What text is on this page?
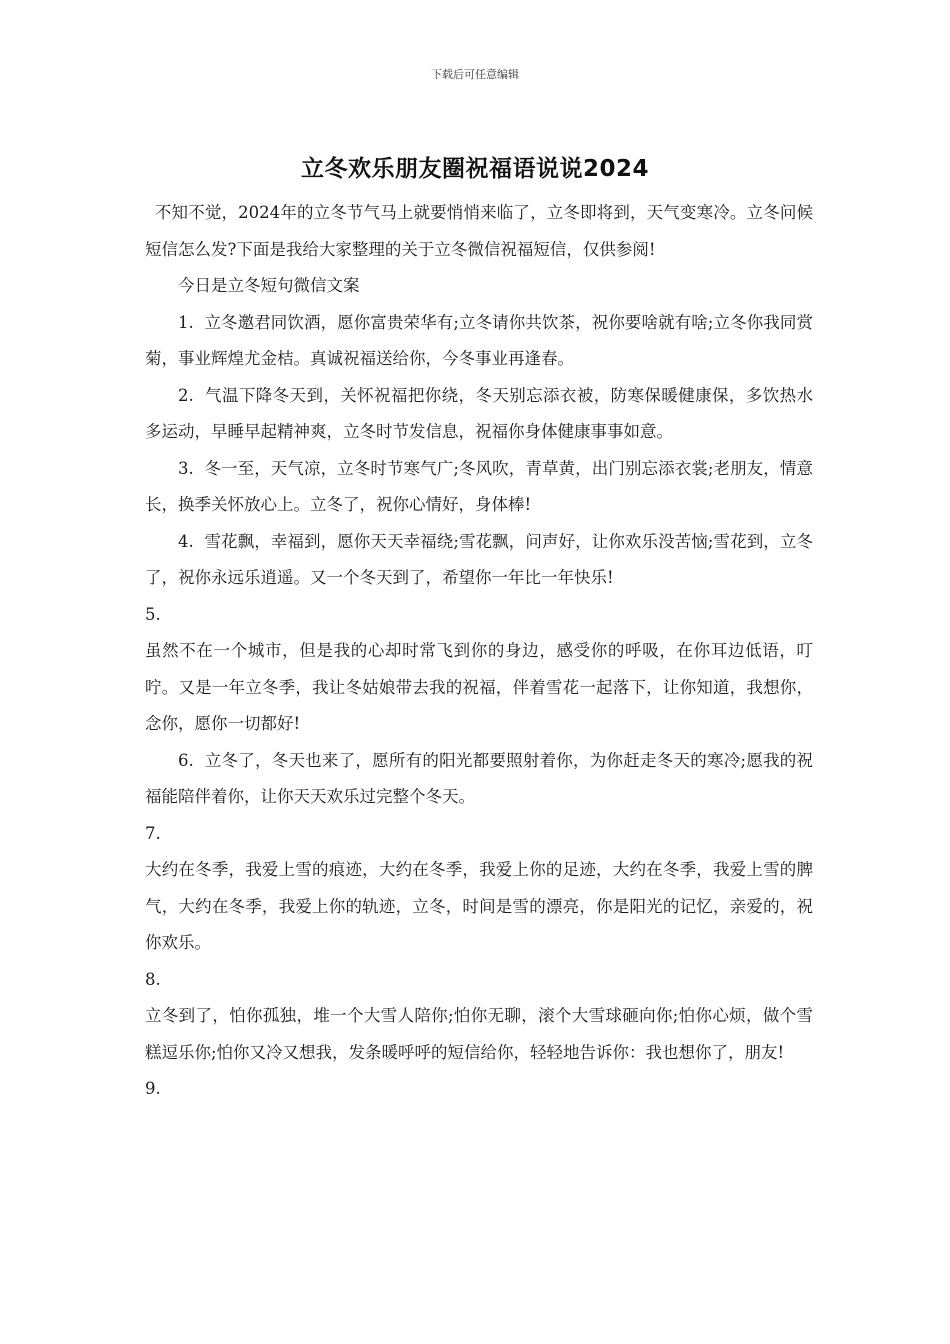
下载后可任意编辑
立冬欢乐朋友圈祝福语说说2024

不知不觉，2024年的立冬节气马上就要悄悄来临了，立冬即将到，天气变寒冷。立冬问候短信怎么发?下面是我给大家整理的关于立冬微信祝福短信，仅供参阅!

今日是立冬短句微信文案

1. 立冬邀君同饮酒，愿你富贵荣华有;立冬请你共饮茶，祝你要啥就有啥;立冬你我同赏菊，事业辉煌尤金桔。真诚祝福送给你，今冬事业再逢春。

2. 气温下降冬天到，关怀祝福把你绕，冬天别忘添衣被，防寒保暖健康保，多饮热水多运动，早睡早起精神爽，立冬时节发信息，祝福你身体健康事事如意。

3. 冬一至，天气凉，立冬时节寒气广;冬风吹，青草黄，出门别忘添衣裳;老朋友，情意长，换季关怀放心上。立冬了，祝你心情好，身体棒!

4. 雪花飘，幸福到，愿你天天幸福绕;雪花飘，问声好，让你欢乐没苦恼;雪花到，立冬了，祝你永远乐逍遥。又一个冬天到了，希望你一年比一年快乐!

5.

虽然不在一个城市，但是我的心却时常飞到你的身边，感受你的呼吸，在你耳边低语，叮咛。又是一年立冬季，我让冬姑娘带去我的祝福，伴着雪花一起落下，让你知道，我想你，念你，愿你一切都好!

6. 立冬了，冬天也来了，愿所有的阳光都要照射着你，为你赶走冬天的寒冷;愿我的祝福能陪伴着你，让你天天欢乐过完整个冬天。

7.

大约在冬季，我爱上雪的痕迹，大约在冬季，我爱上你的足迹，大约在冬季，我爱上雪的脾气，大约在冬季，我爱上你的轨迹，立冬，时间是雪的漂亮，你是阳光的记忆，亲爱的，祝你欢乐。

8.

立冬到了，怕你孤独，堆一个大雪人陪你;怕你无聊，滚个大雪球砸向你;怕你心烦，做个雪糕逗乐你;怕你又冷又想我，发条暖呼呼的短信给你，轻轻地告诉你：我也想你了，朋友!

9.
